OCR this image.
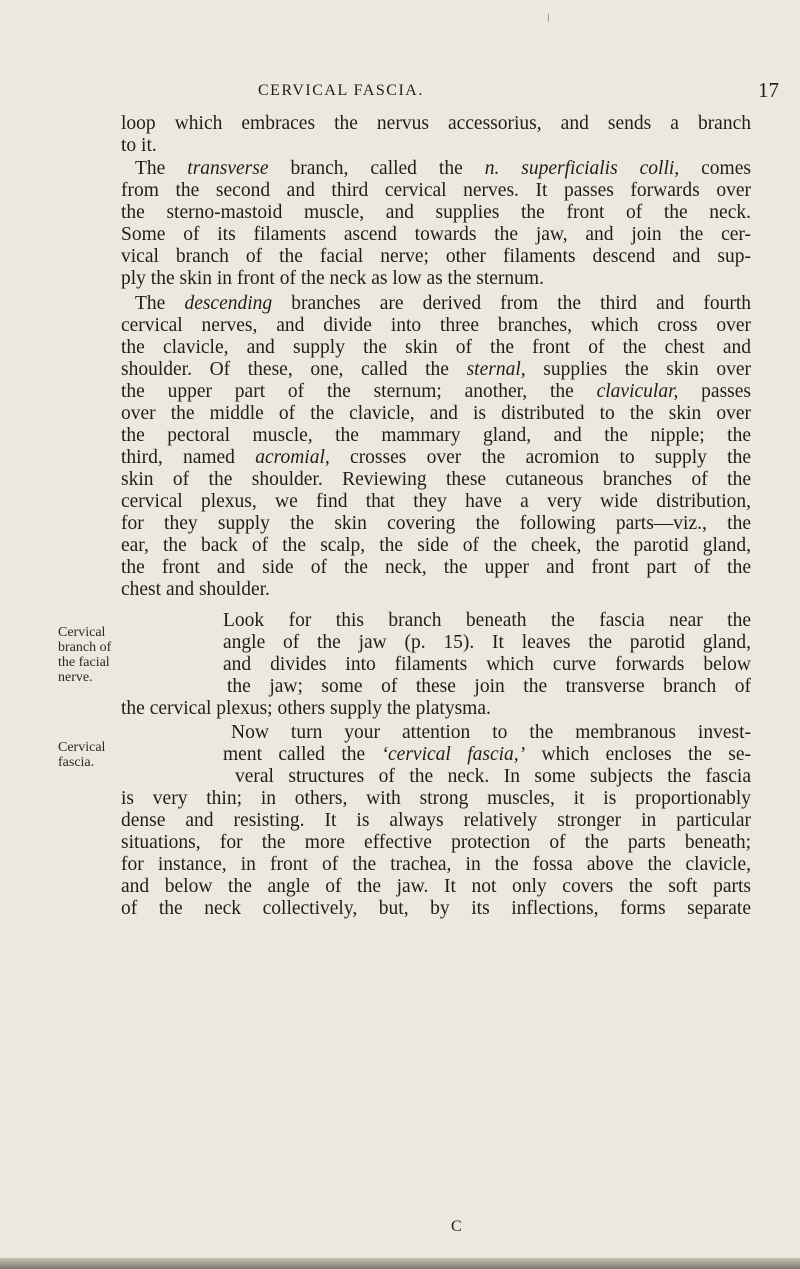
CERVICAL FASCIA.	17
loop which embraces the nervus accessorius, and sends a branch
to it.
The transverse branch, called the n. superficialis colli, comes
from the second and third cervical nerves. It passes forwards over
the sterno-mastoid muscle, and supplies the front of the neck.
Some of its filaments ascend towards the jaw, and join the cer-
vical branch of the facial nerve; other filaments descend and sup-
ply the skin in front of the neck as low as the sternum.
The descending branches are derived from the third and fourth
cervical nerves, and divide into three branches, which cross over
the clavicle, and supply the skin of the front of the chest and
shoulder. Of these, one, called the sternal, supplies the skin over
the upper part of the sternum; another, the clavicular, passes
over the middle of the clavicle, and is distributed to the skin over
the pectoral muscle, the mammary gland, and the nipple; the
third, named acromial, crosses over the acromion to supply the
skin of the shoulder. Reviewing these cutaneous branches of the
cervical plexus, we find that they have a very wide distribution,
for they supply the skin covering the following parts—viz., the
ear, the back of the scalp, the side of the cheek, the parotid gland,
the front and side of the neck, the upper and front part of the
chest and shoulder.
Cervical
branch of
the facial
nerve.
Look for this branch beneath the fascia near the
angle of the jaw (p. 15). It leaves the parotid gland,
and divides into filaments which curve forwards below
the jaw; some of these join the transverse branch of
the cervical plexus; others supply the platysma.
Cervical
fascia.
Now turn your attention to the membranous invest-
ment called the ‘cervical fascia,’ which encloses the se-
veral structures of the neck. In some subjects the fascia
is very thin; in others, with strong muscles, it is proportionably
dense and resisting. It is always relatively stronger in particular
situations, for the more effective protection of the parts beneath;
for instance, in front of the trachea, in the fossa above the clavicle,
and below the angle of the jaw. It not only covers the soft parts
of the neck collectively, but, by its inflections, forms separate
C
